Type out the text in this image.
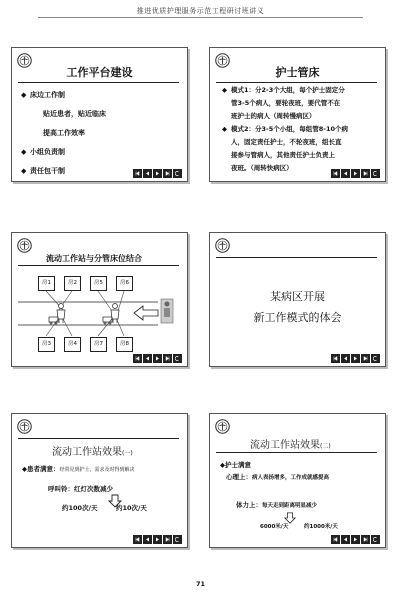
推进优质护理服务示范工程研讨班讲义
工作平台建设
◆ 床边工作制
贴近患者，贴近临床
提高工作效率
◆ 小组负责制
◆ 责任包干制
护士管床
◆ 模式1：分2-3个大组，每个护士固定分
管3-5个病人，要轮夜班，要代管不在
班护士的病人（周转慢病区）
◆ 模式2：分3-5个小组，每组管8-10个病
人，固定责任护士，不轮夜班，组长直
接参与管病人，其他责任护士负责上
夜班。（周转快病区）
流动工作站与分管床位结合
房1	房2	房5	房6
房3	房4	房7	房8
某病区开展
新工作模式的体会
流动工作站效果(一)
◆患者满意：经常见到护士，需求及时得到解决
呼叫铃：红灯次数减少
约100次/天	约10次/天
流动工作站效果(二)
◆护士满意
心理上：病人表扬增多，工作成就感提高
体力上：每天走到距离明显减少
6000米/天	约1000米/天
71
